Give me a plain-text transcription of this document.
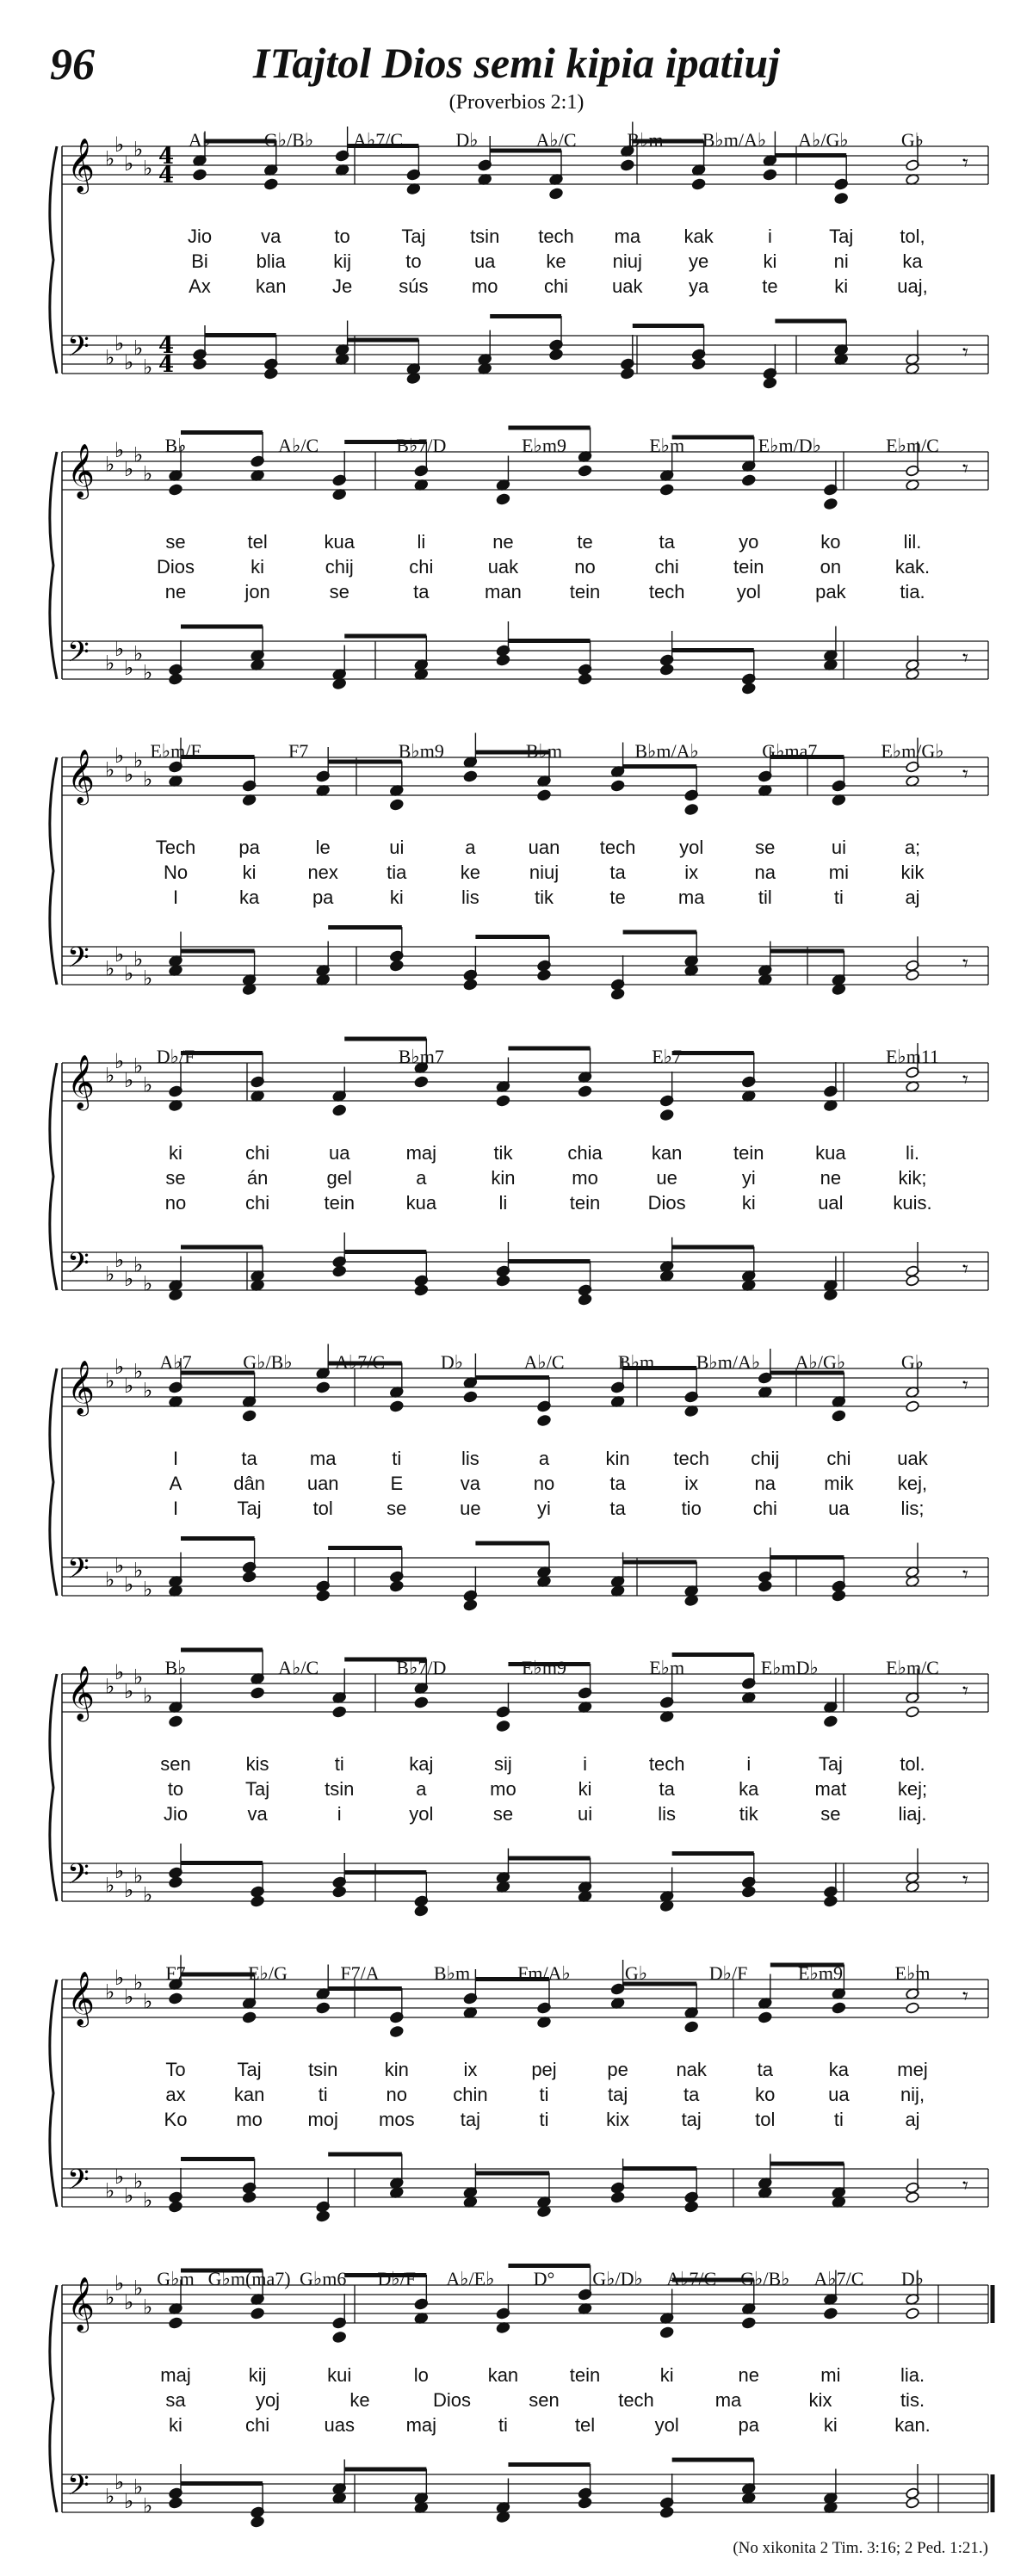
96	ITajtol Dios semi kipia ipatiuj
(Proverbios 2:1)
𝄞
𝄢
♭
♭
♭
♭
♭
♭
♭
♭
♭
♭
4
4
4
4
𝄾
𝄾
𝄞
𝄢
♭
♭
♭
♭
♭
♭
♭
♭
♭
♭
𝄾
𝄾
𝄞
𝄢
♭
♭
♭
♭
♭
♭
♭
♭
♭
♭
𝄾
𝄾
𝄞
𝄢
♭
♭
♭
♭
♭
♭
♭
♭
♭
♭
𝄾
𝄾
𝄞
𝄢
♭
♭
♭
♭
♭
♭
♭
♭
♭
♭
𝄾
𝄾
𝄞
𝄢
♭
♭
♭
♭
♭
♭
♭
♭
♭
♭
𝄾
𝄾
𝄞
𝄢
♭
♭
♭
♭
♭
♭
♭
♭
♭
♭
𝄾
𝄾
𝄞
𝄢
♭
♭
♭
♭
♭
♭
♭
♭
♭
♭
A♭	G♭/B♭ A♭7/C	D♭	A♭/C	B♭m B♭m/A♭ A♭/G♭	G♭
Jio	va	to	Taj tsin tech ma kak	i	Taj tol,
Bi	blia	kij	to	ua	ke niuj ye	ki	ni	ka
Ax kan Je sús mo chi uak ya	te	ki	uaj,
B♭	A♭/C	B♭7/D	E♭m9	E♭m	E♭m/D♭	E♭m/C
se	tel	kua	li	ne	te	ta	yo	ko	lil.
Dios	ki	chij	chi	uak	no	chi	tein	on	kak.
ne	jon	se	ta	man	tein	tech	yol	pak	tia.
E♭m/F	F7	B♭m9	B♭m	B♭m/A♭	G♭ma7	E♭m/G♭
Tech pa	le	ui	a	uan tech yol	se	ui	a;
No	ki	nex	tia	ke	niuj	ta	ix	na	mi	kik
I	ka	pa	ki	lis	tik	te	ma	til	ti	aj
D♭/F	B♭m7	E♭7	E♭m11
ki	chi	ua	maj	tik	chia	kan	tein	kua	li.
se	án	gel	a	kin	mo	ue	yi	ne	kik;
no	chi	tein	kua	li	tein	Dios	ki	ual	kuis.
A♭7	G♭/B♭ A♭7/C	D♭	A♭/C	B♭m B♭m/A♭ A♭/G♭	G♭
I	ta	ma	ti	lis	a	kin tech chij	chi uak
A	dân uan	E	va	no	ta	ix	na	mik kej,
I	Taj	tol	se	ue	yi	ta	tio	chi	ua	lis;
B♭	A♭/C	B♭7/D	E♭m9	E♭m	E♭mD♭	E♭m/C
sen	kis	ti	kaj	sij	i	tech	i	Taj	tol.
to	Taj	tsin	a	mo	ki	ta	ka	mat	kej;
Jio	va	i	yol	se	ui	lis	tik	se	liaj.
F7	E♭/G	F7/A	B♭m	Fm/A♭	G♭	D♭/F	E♭m9	E♭m
To	Taj tsin kin	ix	pej	pe	nak	ta	ka	mej
ax	kan	ti	no chin	ti	taj	ta	ko	ua	nij,
Ko	mo moj mos taj	ti	kix	taj	tol	ti	aj
G♭m G♭m(ma7) G♭m6 D♭/F A♭/E♭ D° G♭/D♭ A♭7/C G♭/B♭ A♭7/C D♭
maj	kij	kui	lo	kan	tein	ki	ne	mi	lia.
sa	yoj	ke	Dios	sen	tech	ma	kix	tis.
ki	chi	uas	maj	ti	tel	yol	pa	ki	kan.
(No xikonita 2 Tim. 3:16; 2 Ped. 1:21.)
